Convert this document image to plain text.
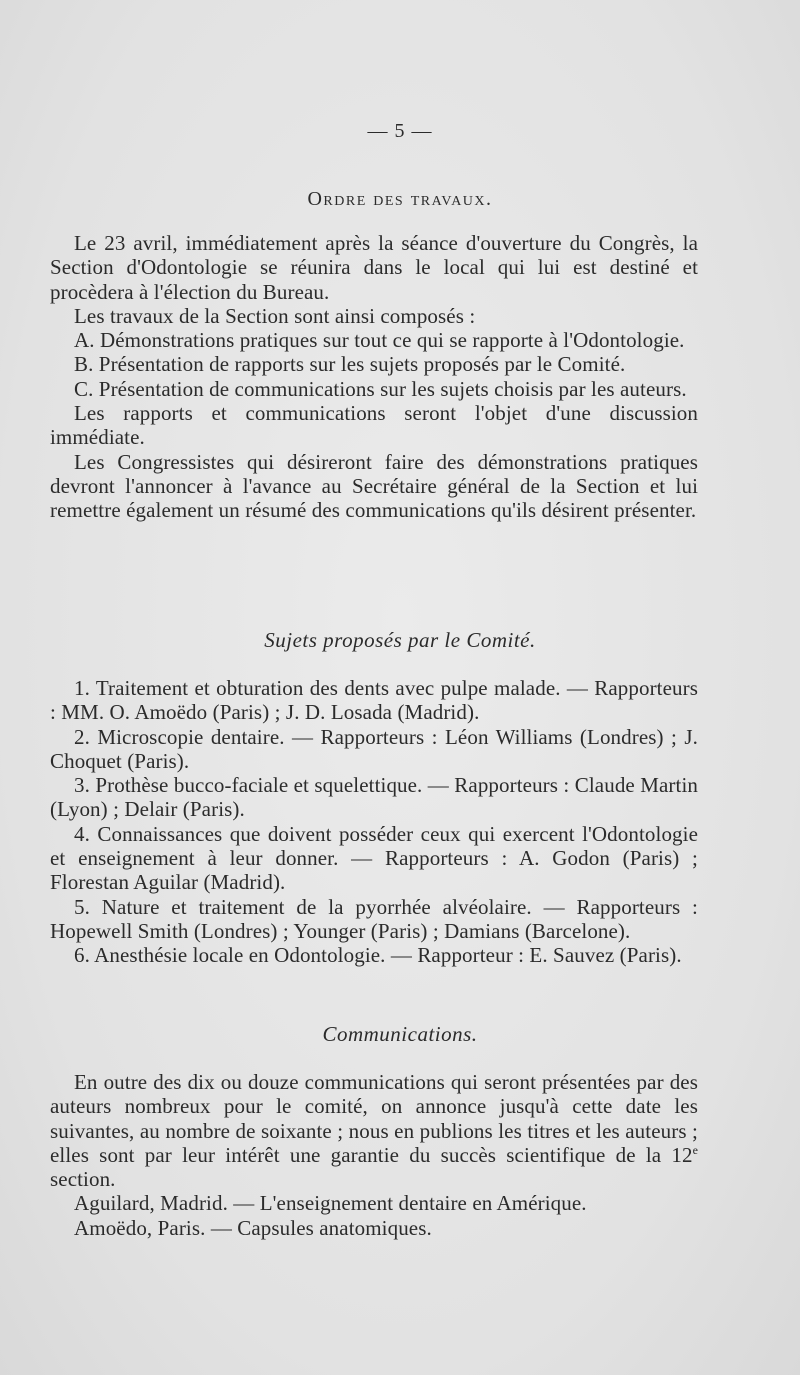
— 5 —
Ordre des travaux.

Le 23 avril, immédiatement après la séance d'ouverture du Congrès, la Section d'Odontologie se réunira dans le local qui lui est destiné et procèdera à l'élection du Bureau.

Les travaux de la Section sont ainsi composés :

A. Démonstrations pratiques sur tout ce qui se rapporte à l'Odontologie.

B. Présentation de rapports sur les sujets proposés par le Comité.

C. Présentation de communications sur les sujets choisis par les auteurs.

Les rapports et communications seront l'objet d'une discussion immédiate.

Les Congressistes qui désireront faire des démonstrations pratiques devront l'annoncer à l'avance au Secrétaire général de la Section et lui remettre également un résumé des communications qu'ils désirent présenter.

Sujets proposés par le Comité.

1. Traitement et obturation des dents avec pulpe malade. — Rapporteurs : MM. O. Amoëdo (Paris) ; J. D. Losada (Madrid).

2. Microscopie dentaire. — Rapporteurs : Léon Williams (Londres) ; J. Choquet (Paris).

3. Prothèse bucco-faciale et squelettique. — Rapporteurs : Claude Martin (Lyon) ; Delair (Paris).

4. Connaissances que doivent posséder ceux qui exercent l'Odontologie et enseignement à leur donner. — Rapporteurs : A. Godon (Paris) ; Florestan Aguilar (Madrid).

5. Nature et traitement de la pyorrhée alvéolaire. — Rapporteurs : Hopewell Smith (Londres) ; Younger (Paris) ; Damians (Barcelone).

6. Anesthésie locale en Odontologie. — Rapporteur : E. Sauvez (Paris).

Communications.

En outre des dix ou douze communications qui seront présentées par des auteurs nombreux pour le comité, on annonce jusqu'à cette date les suivantes, au nombre de soixante ; nous en publions les titres et les auteurs ; elles sont par leur intérêt une garantie du succès scientifique de la 12e section.

Aguilard, Madrid. — L'enseignement dentaire en Amérique.

Amoëdo, Paris. — Capsules anatomiques.
